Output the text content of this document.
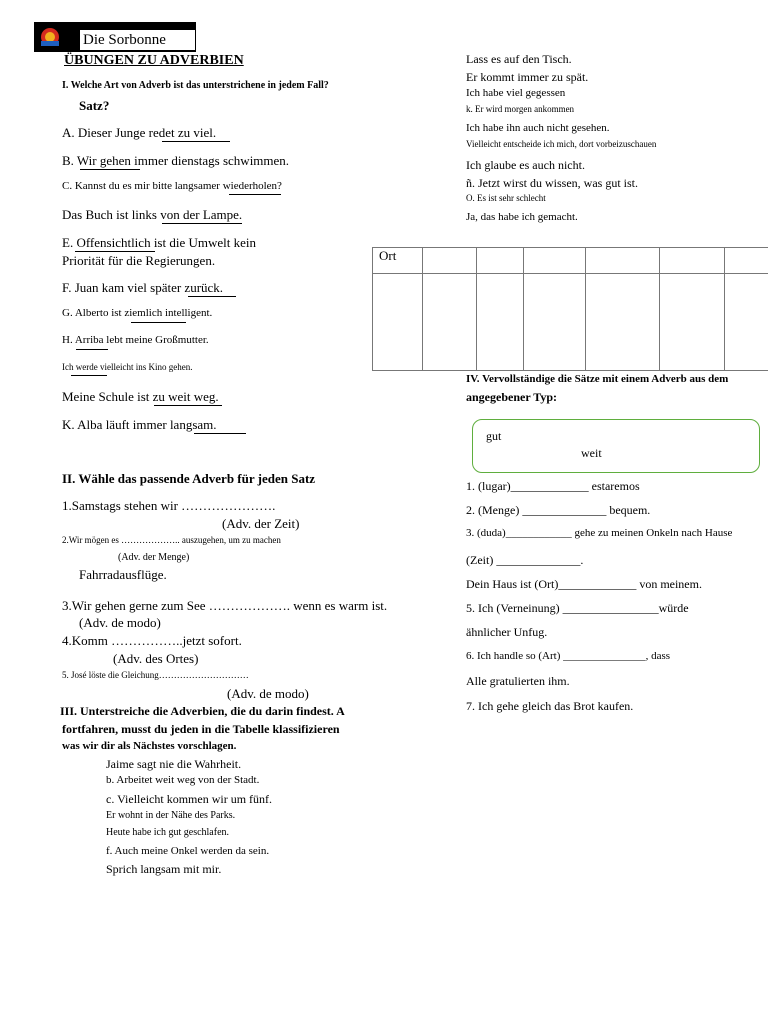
Die Sorbonne
ÜBUNGEN ZU ADVERBIEN
I. Welche Art von Adverb ist das unterstrichene in jedem Fall?
Satz?
A. Dieser Junge redet zu viel.
B. Wir gehen immer dienstags schwimmen.
C. Kannst du es mir bitte langsamer wiederholen?
Das Buch ist links von der Lampe.
E. Offensichtlich ist die Umwelt kein
Priorität für die Regierungen.
F. Juan kam viel später zurück.
G. Alberto ist ziemlich intelligent.
H. Arriba lebt meine Großmutter.
Ich werde vielleicht ins Kino gehen.
Meine Schule ist zu weit weg.
K. Alba läuft immer langsam.
II. Wähle das passende Adverb für jeden Satz
1.Samstags stehen wir ………………….
(Adv. der Zeit)
2.Wir mögen es ……………….. auszugehen, um zu machen
(Adv. der Menge)
Fahrradausflüge.
3.Wir gehen gerne zum See ………………. wenn es warm ist.
(Adv. de modo)
4.Komm ……………..jetzt sofort.
(Adv. des Ortes)
5. José löste die Gleichung…………………………
(Adv. de modo)
III. Unterstreiche die Adverbien, die du darin findest. A
fortfahren, musst du jeden in die Tabelle klassifizieren
was wir dir als Nächstes vorschlagen.
Jaime sagt nie die Wahrheit.
b. Arbeitet weit weg von der Stadt.
c. Vielleicht kommen wir um fünf.
Er wohnt in der Nähe des Parks.
Heute habe ich gut geschlafen.
f. Auch meine Onkel werden da sein.
Sprich langsam mit mir.
Lass es auf den Tisch.
Er kommt immer zu spät.
Ich habe viel gegessen
k. Er wird morgen ankommen
Ich habe ihn auch nicht gesehen.
Vielleicht entscheide ich mich, dort vorbeizuschauen
Ich glaube es auch nicht.
ñ. Jetzt wirst du wissen, was gut ist.
O. Es ist sehr schlecht
Ja, das habe ich gemacht.
Ort						

IV. Vervollständige die Sätze mit einem Adverb aus dem
angegebener Typ:
gut
weit
1. (lugar)_____________ estaremos
2. (Menge) ______________ bequem.
3. (duda)____________ gehe zu meinen Onkeln nach Hause
(Zeit) ______________.
Dein Haus ist (Ort)_____________ von meinem.
5. Ich (Verneinung) ________________würde
ähnlicher Unfug.
6. Ich handle so (Art) _______________, dass
Alle gratulierten ihm.
7. Ich gehe gleich das Brot kaufen.
